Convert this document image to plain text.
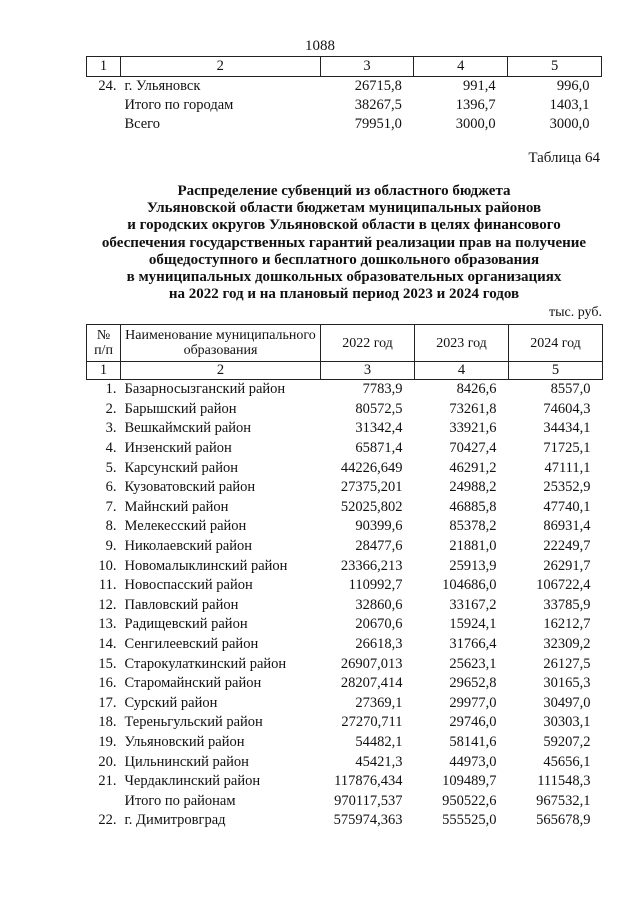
1088
1	2	3	4	5
24.	г. Ульяновск	26715,8	991,4	996,0
	Итого по городам	38267,5	1396,7	1403,1
	Всего	79951,0	3000,0	3000,0
Таблица 64
Распределение субвенций из областного бюджета
Ульяновской области бюджетам муниципальных районов
и городских округов Ульяновской области в целях финансового
обеспечения государственных гарантий реализации прав на получение
общедоступного и бесплатного дошкольного образования
в муниципальных дошкольных образовательных организациях
на 2022 год и на плановый период 2023 и 2024 годов
тыс. руб.
№ п/п	Наименование муниципального образования	2022 год	2023 год	2024 год
1	2	3	4	5
1.	Базарносызганский район	7783,9	8426,6	8557,0
2.	Барышский район	80572,5	73261,8	74604,3
3.	Вешкаймский район	31342,4	33921,6	34434,1
4.	Инзенский район	65871,4	70427,4	71725,1
5.	Карсунский район	44226,649	46291,2	47111,1
6.	Кузоватовский район	27375,201	24988,2	25352,9
7.	Майнский район	52025,802	46885,8	47740,1
8.	Мелекесский район	90399,6	85378,2	86931,4
9.	Николаевский район	28477,6	21881,0	22249,7
10.	Новомалыклинский район	23366,213	25913,9	26291,7
11.	Новоспасский район	110992,7	104686,0	106722,4
12.	Павловский район	32860,6	33167,2	33785,9
13.	Радищевский район	20670,6	15924,1	16212,7
14.	Сенгилеевский район	26618,3	31766,4	32309,2
15.	Старокулаткинский район	26907,013	25623,1	26127,5
16.	Старомайнский район	28207,414	29652,8	30165,3
17.	Сурский район	27369,1	29977,0	30497,0
18.	Тереньгульский район	27270,711	29746,0	30303,1
19.	Ульяновский район	54482,1	58141,6	59207,2
20.	Цильнинский район	45421,3	44973,0	45656,1
21.	Чердаклинский район	117876,434	109489,7	111548,3
	Итого по районам	970117,537	950522,6	967532,1
22.	г. Димитровград	575974,363	555525,0	565678,9
